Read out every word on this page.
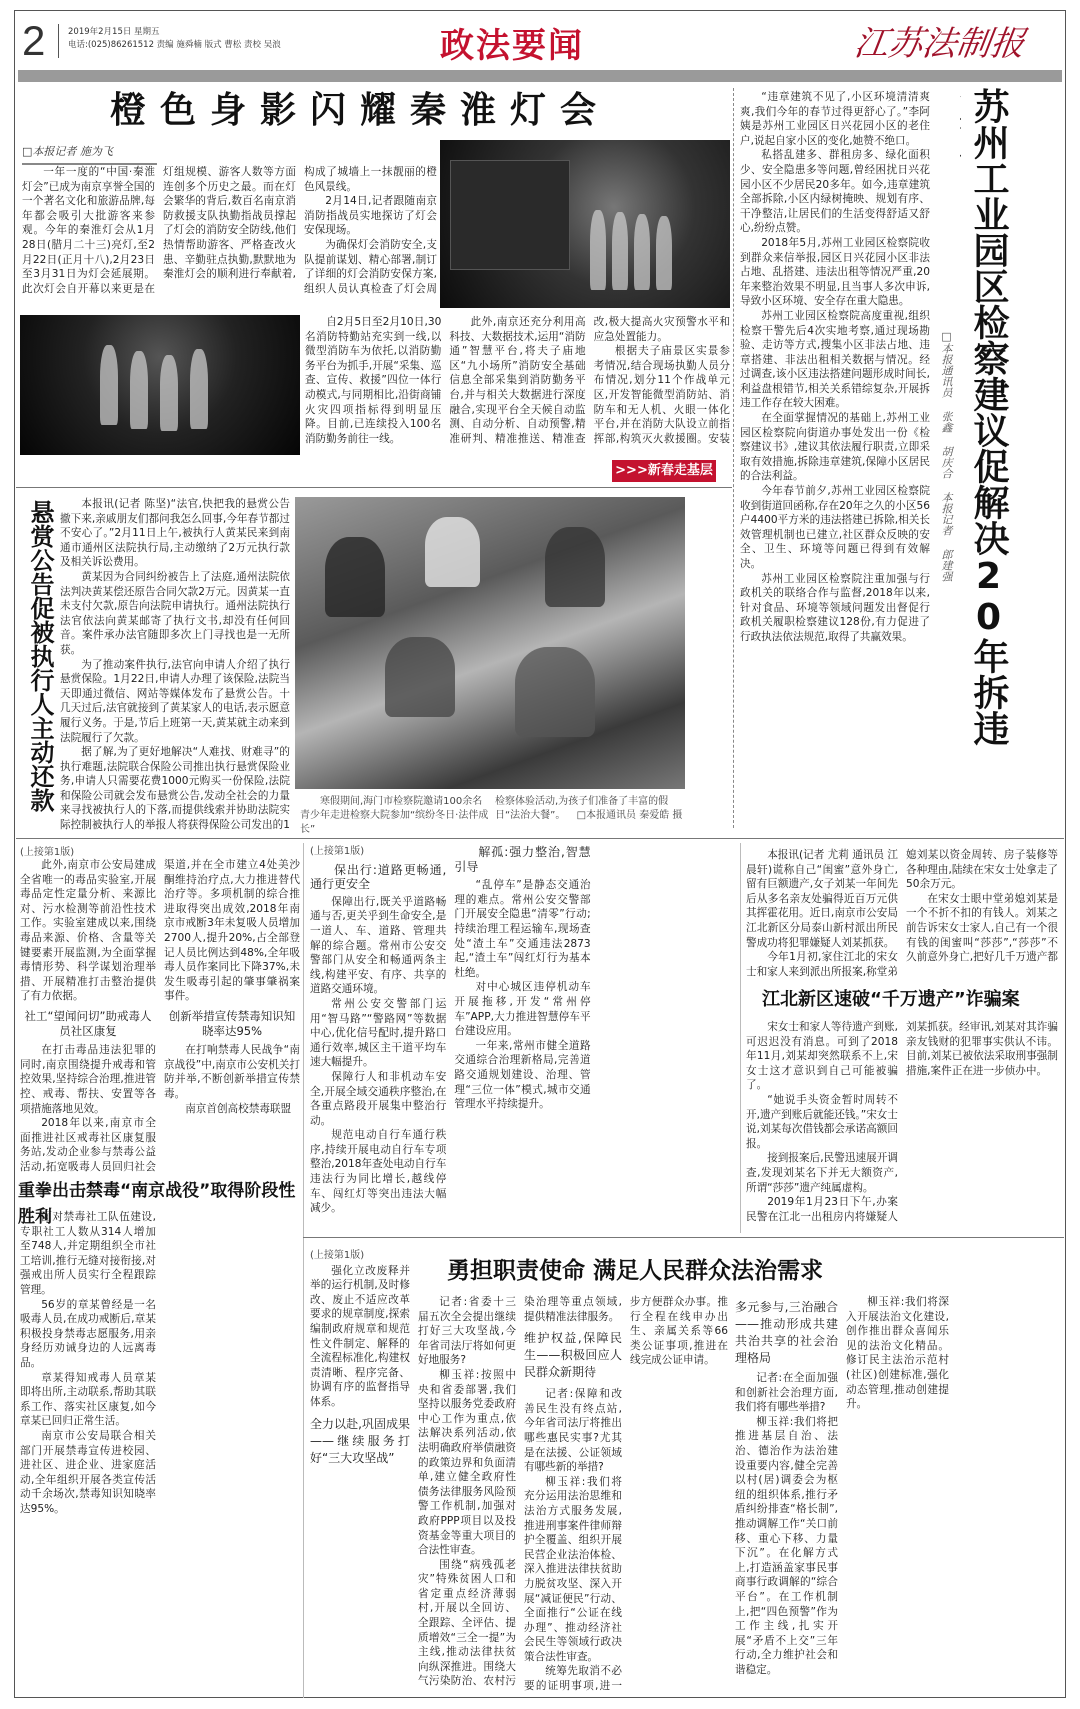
2	2019年2月15日 星期五
电话:(025)86261512 责编 施舜楠 版式 曹松 责校 吴浪	政法要闻	江苏法制报
橙色身影闪耀秦淮灯会
□本报记者 施为飞

一年一度的“中国·秦淮灯会”已成为南京享誉全国的一个著名文化和旅游品牌,每年都会吸引大批游客来参观。今年的秦淮灯会从1月28日(腊月二十三)亮灯,至2月22日(正月十八),2月23日至3月31日为灯会延展期。此次灯会自开幕以来更是在灯组规模、游客人数等方面连创多个历史之最。而在灯会繁华的背后,数百名南京消防救援支队执勤指战员撑起了灯会的消防安全防线,他们热情帮助游客、严格查改火患、辛勤驻点执勤,默默地为秦淮灯会的顺利进行奉献着,构成了城墙上一抹靓丽的橙色风景线。

2月14日,记者跟随南京消防指战员实地探访了灯会安保现场。

为确保灯会消防安全,支队提前谋划、精心部署,制订了详细的灯会消防安保方案,组织人员认真检查了灯会周

自2月5日至2月10日,30名消防特勤站充实到一线,以微型消防车为依托,以消防勤务平台为抓手,开展“采集、巡查、宣传、救援”四位一体行动模式,与同期相比,沿街商铺火灾四项指标得到明显压降。目前,已连续投入100名消防勤务前往一线。

此外,南京还充分利用高科技、大数据技术,运用“消防通”智慧平台,将夫子庙地区“九小场所”消防安全基础信息全部采集到消防勤务平台,并与相关大数据进行深度融合,实现平台全天候自动监测、自动分析、自动预警,精准研判、精准推送、精准查改,极大提高火灾预警水平和应急处置能力。

根据夫子庙景区实景参考情况,结合现场执勤人员分布情况,划分11个作战单元区,开发智能微型消防站、消防车和无人机、火眼一体化平台,并在消防大队设立前指挥部,构筑灭火救援圈。安装

>>>新春走基层

“违章建筑不见了,小区环境清清爽爽,我们今年的春节过得更舒心了。”李阿姨是苏州工业园区日兴花园小区的老住户,说起自家小区的变化,她赞不绝口。

私搭乱建多、群租房多、绿化面积少、安全隐患多等问题,曾经困扰日兴花园小区不少居民20多年。如今,违章建筑全部拆除,小区内绿树掩映、规划有序、干净整洁,让居民们的生活变得舒适又舒心,纷纷点赞。

2018年5月,苏州工业园区检察院收到群众来信举报,园区日兴花园小区非法占地、乱搭建、违法出租等情况严重,20年来整治效果不明显,且当事人多次申诉,导致小区环境、安全存在重大隐患。

苏州工业园区检察院高度重视,组织检察干警先后4次实地考察,通过现场勘验、走访等方式,搜集小区非法占地、违章搭建、非法出租相关数据与情况。经过调查,该小区违法搭建问题形成时间长,利益盘根错节,相关关系错综复杂,开展拆违工作存在较大困难。

在全面掌握情况的基础上,苏州工业园区检察院向街道办事处发出一份《检察建议书》,建议其依法履行职责,立即采取有效措施,拆除违章建筑,保障小区居民的合法利益。

今年春节前夕,苏州工业园区检察院收到街道回函称,存在20年之久的小区56户4400平方米的违法搭建已拆除,相关长效管理机制也已建立,社区群众反映的安全、卫生、环境等问题已得到有效解决。

苏州工业园区检察院注重加强与行政机关的联络合作与监督,2018年以来,针对食品、环境等领域问题发出督促行政机关履职检察建议128份,有力促进了行政执法依法规范,取得了共赢效果。

□本报通讯员 张鑫 胡庆合 本报记者 郎建强
苏州工业园区检察建议促解决20年拆违
悬赏公告促被执行人主动还款	本报讯(记者 陈坚)“法官,快把我的悬赏公告撤下来,亲戚朋友们都问我怎么回事,今年春节都过不安心了。”2月11日上午,被执行人黄某民来到南通市通州区法院执行局,主动缴纳了2万元执行款及相关诉讼费用。

黄某因为合同纠纷被告上了法庭,通州法院依法判决黄某偿还原告合同欠款2万元。因黄某一直未支付欠款,原告向法院申请执行。通州法院执行法官依法向黄某邮寄了执行文书,却没有任何回音。案件承办法官随即多次上门寻找也是一无所获。

为了推动案件执行,法官向申请人介绍了执行悬赏保险。1月22日,申请人办理了该保险,法院当天即通过微信、网站等媒体发布了悬赏公告。十几天过后,法官就接到了黄某家人的电话,表示愿意履行义务。于是,节后上班第一天,黄某就主动来到法院履行了欠款。

据了解,为了更好地解决“人难找、财难寻”的执行难题,法院联合保险公司推出执行悬赏保险业务,申请人只需要花费1000元购买一份保险,法院和保险公司就会发布悬赏公告,发动全社会的力量来寻找被执行人的下落,而提供线索并协助法院实际控制被执行人的举报人将获得保险公司发出的1

寒假期间,海门市检察院邀请100余名青少年走进检察大院参加“缤纷冬日·法伴成长”
检察体验活动,为孩子们准备了丰富的假日“法治大餐”。 □本报通讯员 秦爱皓 摄
(上接第1版)

此外,南京市公安局建成全省唯一的毒品实验室,开展毒品定性定量分析、来源比对、污水检测等前沿性技术工作。实验室建成以来,围绕毒品来源、价格、含量等关键要素开展监测,为全面掌握毒情形势、科学谋划治理举措、开展精准打击整治提供了有力依据。

社工“望闻问切”助戒毒人员社区康复

在打击毒品违法犯罪的同时,南京围绕提升戒毒和管控效果,坚持综合治理,推进管控、戒毒、帮扶、安置等各项措施落地见效。

2018年以来,南京市全面推进社区戒毒社区康复服务站,发动企业参与禁毒公益活动,拓宽吸毒人员回归社会渠道,并在全市建立4处美沙酮维持治疗点,大力推进替代治疗等。多项机制的综合推进取得突出成效,2018年南京市戒断3年未复吸人员增加2700人,提升20%,占全部登记人员比例达到48%,全年吸毒人员作案同比下降37%,未发生吸毒引起的肇事肇祸案事件。

创新举措宣传禁毒知识知晓率达95%

在打响禁毒人民战争“南京战役”中,南京市公安机关打防并举,不断创新举措宣传禁毒。

南京首创高校禁毒联盟

重拳出击禁毒“南京战役”取得阶段性胜利

面对禁毒社工队伍建设,专职社工人数从314人增加至748人,并定期组织全市社工培训,推行无缝对接衔接,对强戒出所人员实行全程跟踪管理。

56岁的章某曾经是一名吸毒人员,在成功戒断后,章某积极投身禁毒志愿服务,用亲身经历劝诫身边的人远离毒品。

章某得知戒毒人员章某即将出所,主动联系,帮助其联系工作、落实社区康复,如今章某已回归正常生活。

南京市公安局联合相关部门开展禁毒宣传进校园、进社区、进企业、进家庭活动,全年组织开展各类宣传活动千余场次,禁毒知识知晓率达95%。

(上接第1版)
保出行:道路更畅通,通行更安全

保障出行,既关乎道路畅通与否,更关乎到生命安全,是一道人、车、道路、管理共解的综合题。常州市公安交警部门从安全和畅通两条主线,构建平安、有序、共享的道路交通环境。

常州公安交警部门运用“智马路”“警路网”等数据中心,优化信号配时,提升路口通行效率,城区主干道平均车速大幅提升。

保障行人和非机动车安全,开展全域交通秩序整治,在各重点路段开展集中整治行动。

规范电动自行车通行秩序,持续开展电动自行车专项整治,2018年查处电动自行车违法行为同比增长,越线停车、闯红灯等突出违法大幅减少。

解孤:强力整治,智慧引导

“乱停车”是静态交通治理的难点。常州公安交警部门开展安全隐患“清零”行动;持续治理工程运输车,现场查处“渣土车”交通违法2873起,“渣土车”闯红灯行为基本杜绝。

对中心城区违停机动车开展拖移,开发“常州停车”APP,大力推进智慧停车平台建设应用。

一年来,常州市健全道路交通综合治理新格局,完善道路交通规划建设、治理、管理“三位一体”模式,城市交通管理水平持续提升。

本报讯(记者 尤莉 通讯员 江晨轩)谎称自己“闺蜜”意外身亡,留有巨额遗产,女子刘某一年间先后从多名亲友处骗得近百万元供其挥霍花用。近日,南京市公安局江北新区分局泰山新村派出所民警成功将犯罪嫌疑人刘某抓获。

今年1月初,家住江北的宋女士和家人来到派出所报案,称堂弟媳刘某以资金周转、房子装修等各种理由,陆续在宋女士处拿走了50余万元。

在宋女士眼中堂弟媳刘某是一个不折不扣的有钱人。刘某之前告诉宋女士家人,自己有一个很有钱的闺蜜叫“莎莎”,“莎莎”不久前意外身亡,把好几千万遗产都

江北新区速破“千万遗产”诈骗案

宋女士和家人等待遗产到账,可迟迟没有消息。可到了2018年11月,刘某却突然联系不上,宋女士这才意识到自己可能被骗了。

“她说手头资金暂时周转不开,遗产到账后就能还钱。”宋女士说,刘某每次借钱都会承诺高额回报。

接到报案后,民警迅速展开调查,发现刘某名下并无大额资产,所谓“莎莎”遗产纯属虚构。

2019年1月23日下午,办案民警在江北一出租房内将嫌疑人刘某抓获。经审讯,刘某对其诈骗亲友钱财的犯罪事实供认不讳。目前,刘某已被依法采取刑事强制措施,案件正在进一步侦办中。

勇担职责使命 满足人民群众法治需求
(上接第1版)

强化立改废释并举的运行机制,及时修改、废止不适应改革要求的规章制度,探索编制政府规章和规范性文件制定、解释的全流程标准化,构建权责清晰、程序完备、协调有序的监督指导体系。

全力以赴,巩固成果——继续服务打好“三大攻坚战”

记者:省委十三届五次全会提出继续打好三大攻坚战,今年省司法厅将如何更好地服务?

柳玉祥:按照中央和省委部署,我们坚持以服务党委政府中心工作为重点,依法解决系列活动,依法明确政府举债融资的政策边界和负面清单,建立健全政府性债务法律服务风险预警工作机制,加强对政府PPP项目以及投资基金等重大项目的合法性审查。

围绕“病残孤老灾”特殊贫困人口和省定重点经济薄弱村,开展以全回访、全跟踪、全评估、提质增效“三全一提”为主线,推动法律扶贫向纵深推进。围绕大气污染防治、农村污染治理等重点领域,提供精准法律服务。

维护权益,保障民生——积极回应人民群众新期待

记者:保障和改善民生没有终点站,今年省司法厅将推出哪些惠民实事?尤其是在法援、公证领域有哪些新的举措?

柳玉祥:我们将充分运用法治思维和法治方式服务发展,推进刑事案件律师辩护全覆盖、组织开展民营企业法治体检、深入推进法律扶贫助力脱贫攻坚、深入开展“减证便民”行动、全面推行“公证在线办理”、推动经济社会民生等领域行政决策合法性审查。

统筹先取消不必要的证明事项,进一步方便群众办事。推行全程在线申办出生、亲属关系等66类公证事项,推进在线完成公证申请。

多元参与,三治融合——推动形成共建共治共享的社会治理格局

记者:在全面加强和创新社会治理方面,我们将有哪些举措?

柳玉祥:我们将把推进基层自治、法治、德治作为法治建设重要内容,健全完善以村(居)调委会为枢纽的组织体系,推行矛盾纠纷排查“格长制”,推动调解工作“关口前移、重心下移、力量下沉”。在化解方式上,打造涵盖家事民事商事行政调解的“综合平台”。在工作机制上,把“四色预警”作为工作主线,扎实开展“矛盾不上交”三年行动,全力维护社会和谐稳定。

柳玉祥:我们将深入开展法治文化建设,创作推出群众喜闻乐见的法治文化精品。修订民主法治示范村(社区)创建标准,强化动态管理,推动创建提升。
